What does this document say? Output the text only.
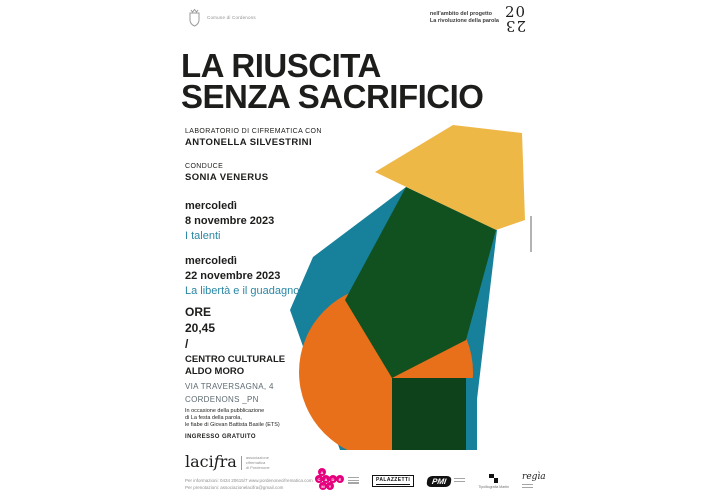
Comune di Cordenons	nell'ambito del progetto
La rivoluzione della parola 20
23
LA RIUSCITA
SENZA SACRIFICIO
LABORATORIO DI CIFREMATICA CON
ANTONELLA SILVESTRINI
CONDUCE
SONIA VENERUS
mercoledì
8 novembre 2023
I talenti
mercoledì
22 novembre 2023
La libertà e il guadagno
ORE
20,45
/
CENTRO CULTURALE
ALDO MORO
VIA TRAVERSAGNA, 4
CORDENONS _PN
In occasione della pubblicazione
di La festa della parola,
le fiabe di Giovan Battista Basile (ETS)
INGRESSO GRATUITO
lacifra associazione
cifrematica
di Pordenone
Per informazioni: 0434 20615/7 www.pordenonecifrematica.com
Per prenotazioni: associazionelacifra@gmail.com
A
C	A	D	E
M Y
PALAZZETTI	PMI
Tipolitografia Martin
regìa
